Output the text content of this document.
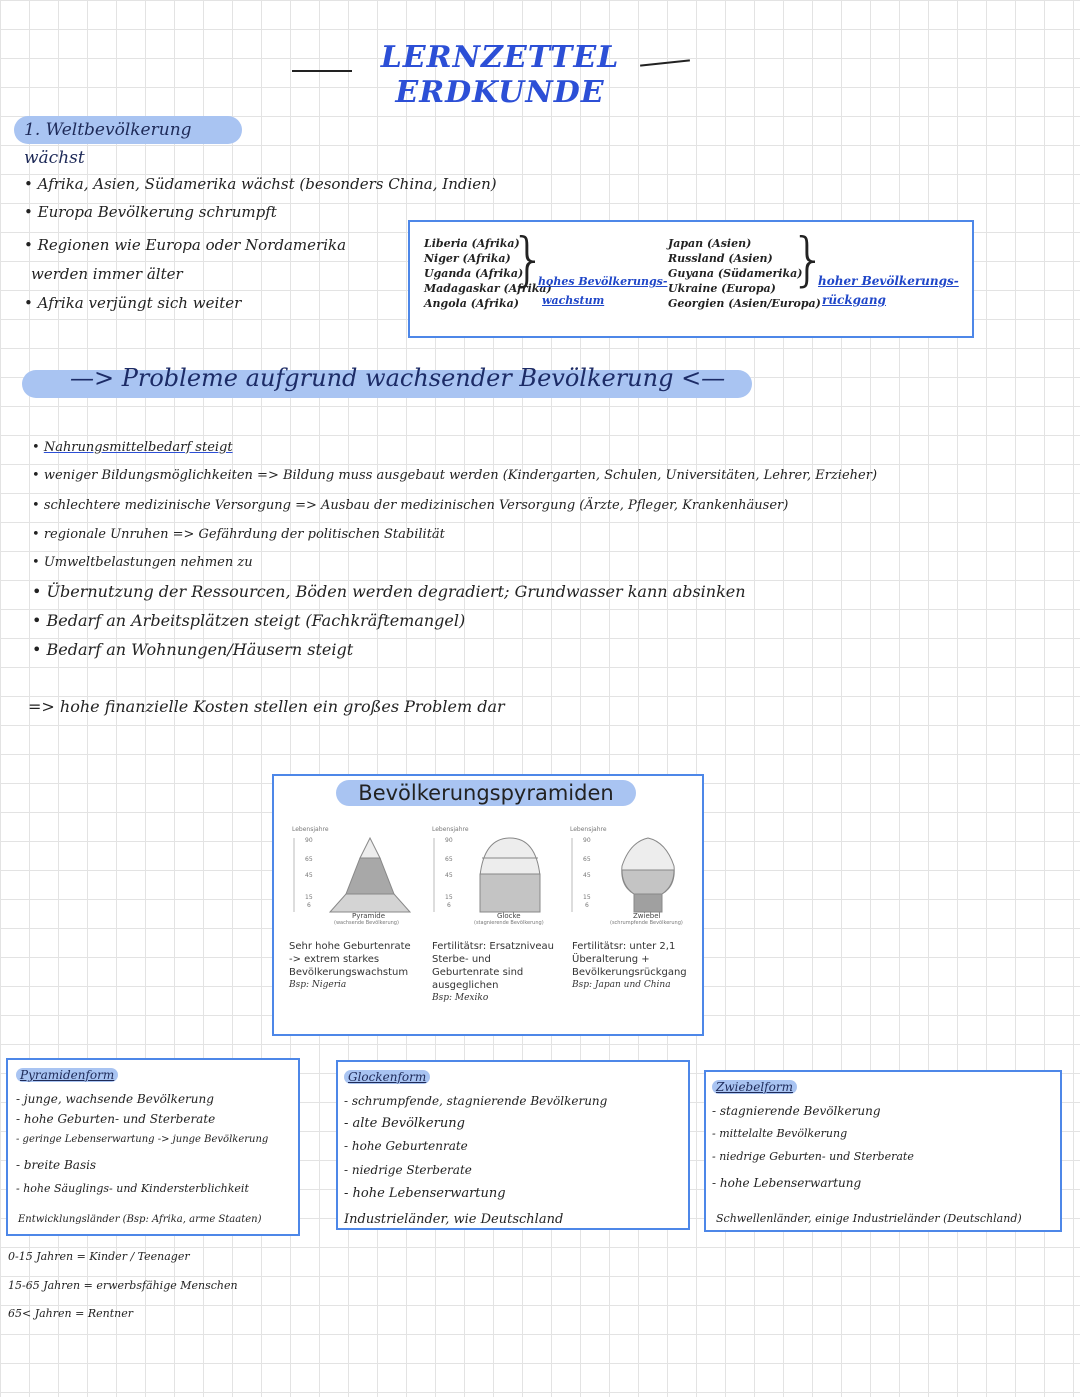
LERNZETTEL ERDKUNDE
1. Weltbevölkerung wächst
• Afrika, Asien, Südamerika wächst (besonders China, Indien)
• Europa Bevölkerung schrumpft
• Regionen wie Europa oder Nordamerika
werden immer älter
• Afrika verjüngt sich weiter
Liberia (Afrika)
Niger (Afrika)
Uganda (Afrika)
Madagaskar (Afrika)
Angola (Afrika)
}
hohes Bevölkerungs-
wachstum
Japan (Asien)
Russland (Asien)
Guyana (Südamerika)
Ukraine (Europa)
Georgien (Asien/Europa)
}
hoher Bevölkerungs-
rückgang
—> Probleme aufgrund wachsender Bevölkerung <—
• Nahrungsmittelbedarf steigt
• weniger Bildungsmöglichkeiten => Bildung muss ausgebaut werden (Kindergarten, Schulen, Universitäten, Lehrer, Erzieher)
• schlechtere medizinische Versorgung => Ausbau der medizinischen Versorgung (Ärzte, Pfleger, Krankenhäuser)
• regionale Unruhen => Gefährdung der politischen Stabilität
• Umweltbelastungen nehmen zu
• Übernutzung der Ressourcen, Böden werden degradiert; Grundwasser kann absinken
• Bedarf an Arbeitsplätzen steigt (Fachkräftemangel)
• Bedarf an Wohnungen/Häusern steigt
=> hohe finanzielle Kosten stellen ein großes Problem dar
Bevölkerungspyramiden
Lebensjahre
90
65
45
15
6
Pyramide
(wachsende Bevölkerung)
Sehr hohe Geburtenrate
-> extrem starkes
Bevölkerungswachstum
Bsp: Nigeria
Lebensjahre
90
65
45
15
6
Glocke
(stagnierende Bevölkerung)
Fertilitätsr: Ersatzniveau
Sterbe- und
Geburtenrate sind
ausgeglichen
Bsp: Mexiko
Lebensjahre
90
65
45
15
6
Zwiebel
(schrumpfende Bevölkerung)
Fertilitätsr: unter 2,1
Überalterung +
Bevölkerungsrückgang
Bsp: Japan und China
Pyramidenform
- junge, wachsende Bevölkerung
- hohe Geburten- und Sterberate
- geringe Lebenserwartung -> junge Bevölkerung
- breite Basis
- hohe Säuglings- und Kindersterblichkeit
Entwicklungsländer (Bsp: Afrika, arme Staaten)
Glockenform
- schrumpfende, stagnierende Bevölkerung
- alte Bevölkerung
- hohe Geburtenrate
- niedrige Sterberate
- hohe Lebenserwartung
Industrieländer, wie Deutschland
Zwiebelform
- stagnierende Bevölkerung
- mittelalte Bevölkerung
- niedrige Geburten- und Sterberate
- hohe Lebenserwartung
Schwellenländer, einige Industrieländer (Deutschland)
0-15 Jahren = Kinder / Teenager
15-65 Jahren = erwerbsfähige Menschen
65< Jahren = Rentner
